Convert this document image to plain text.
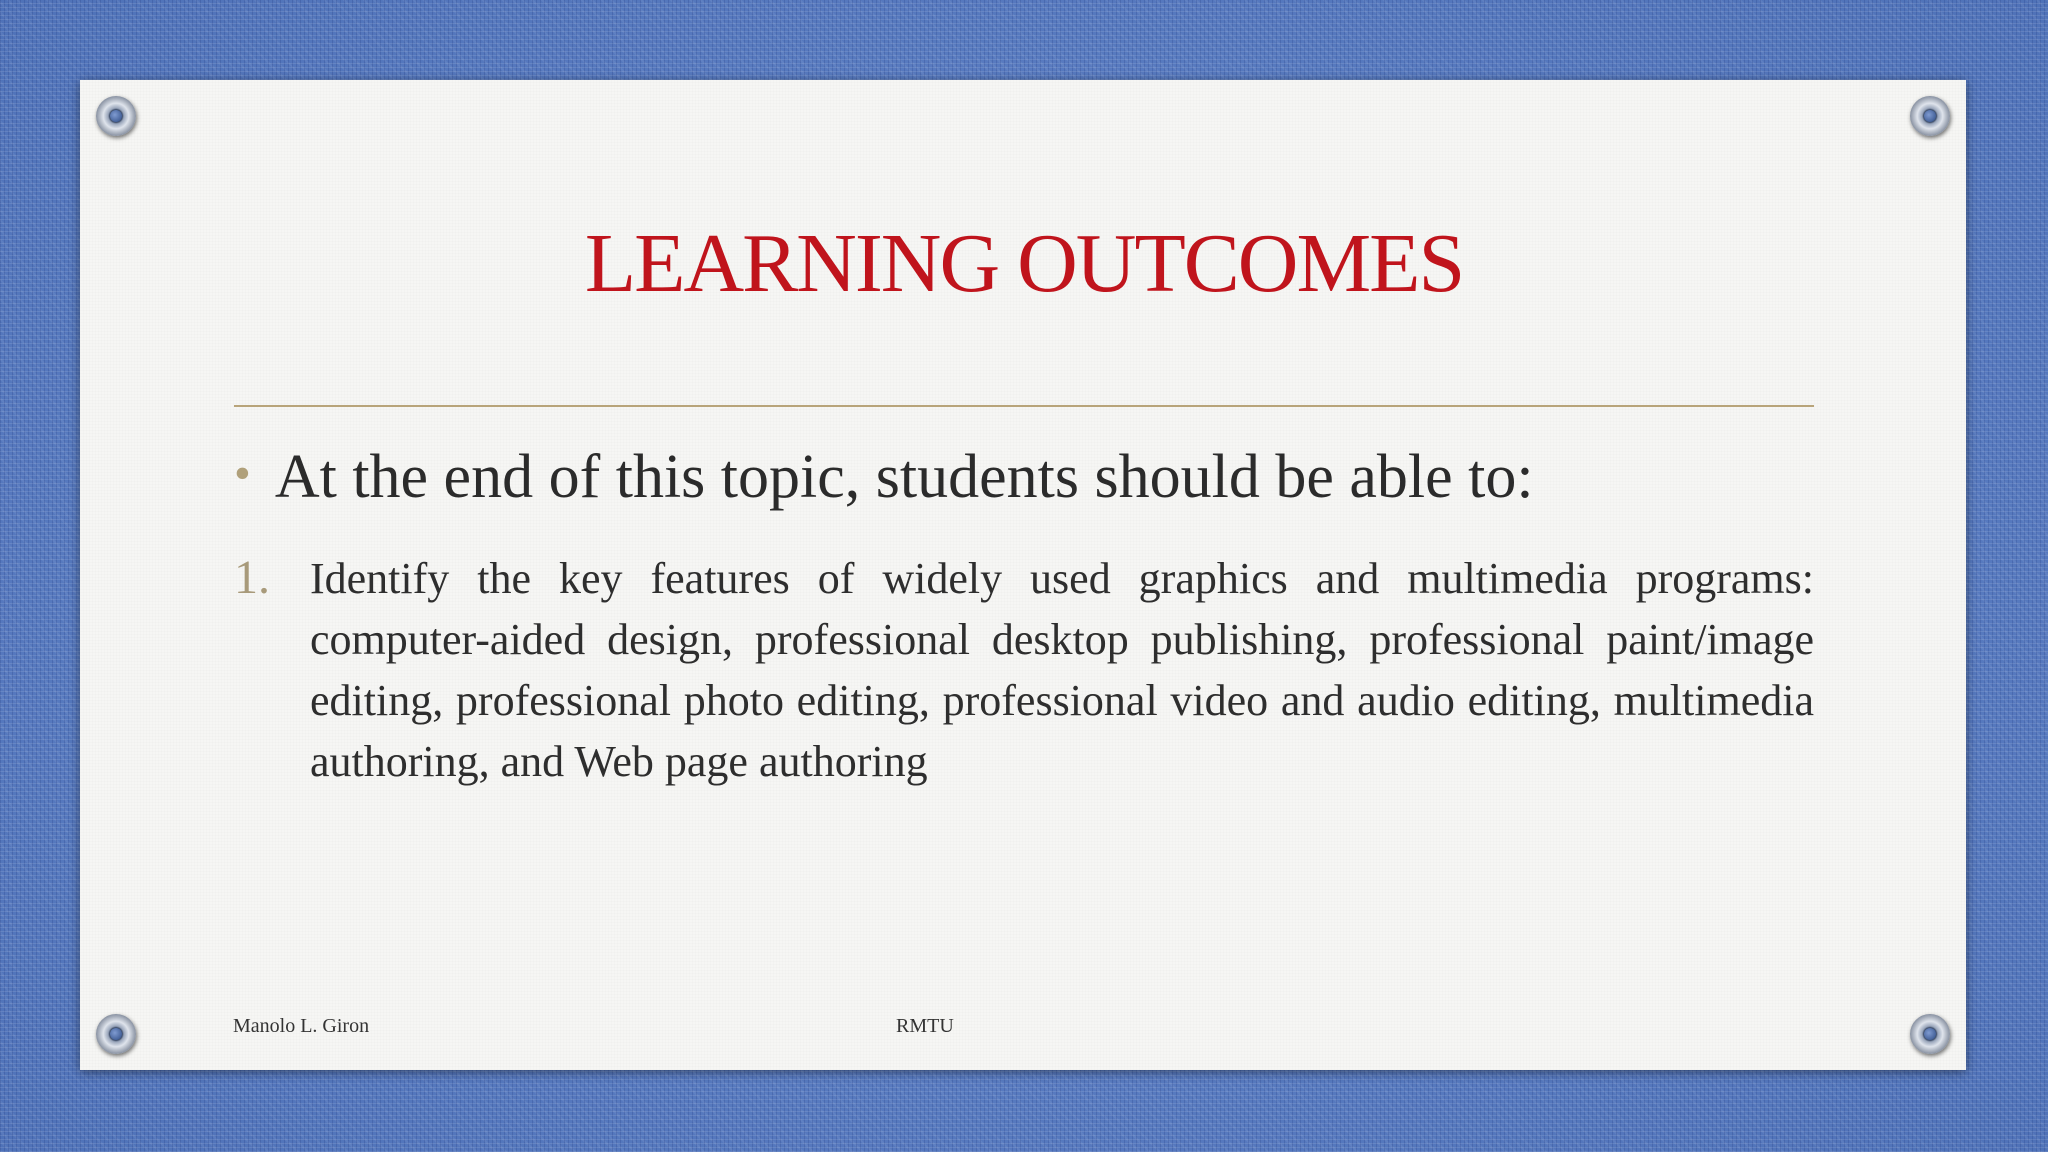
LEARNING OUTCOMES
• At the end of this topic, students should be able to:
1. Identify the key features of widely used graphics and multimedia programs: computer-aided design, professional desktop publishing, professional paint/image editing, professional photo editing, professional video and audio editing, multimedia authoring, and Web page authoring
Manolo L. Giron	RMTU
